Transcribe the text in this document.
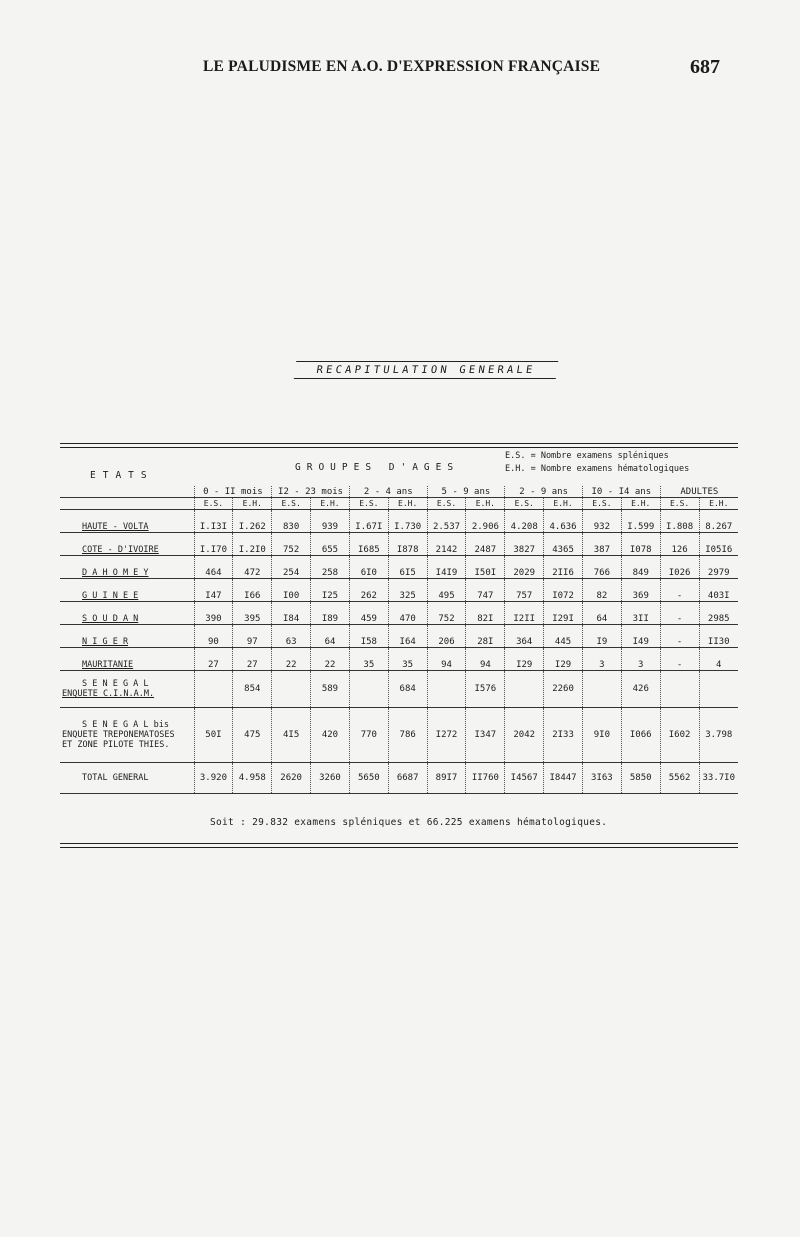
LE PALUDISME EN A.O. D'EXPRESSION FRANÇAISE	687
RECAPITULATION GENERALE
E.S. = Nombre examens spléniques
E.H. = Nombre examens hématologiques
ETATS
GROUPES D'AGES
	0 - II mois		I2 - 23 mois		2 - 4 ans		5 - 9 ans		2 - 9 ans		I0 - I4 ans		ADULTES	
	E.S.	E.H.	E.S.	E.H.	E.S.	E.H.	E.S.	E.H.	E.S.	E.H.	E.S.	E.H.	E.S.	E.H.
HAUTE - VOLTA	I.I3I	I.262	830	939	I.67I	I.730	2.537	2.906	4.208	4.636	932	I.599	I.808	8.267
COTE - D'IVOIRE	I.I70	I.2I0	752	655	I685	I878	2142	2487	3827	4365	387	I078	126	I05I6
D A H O M E Y	464	472	254	258	6I0	6I5	I4I9	I50I	2029	2II6	766	849	I026	2979
G U I N E E	I47	I66	I00	I25	262	325	495	747	757	I072	82	369	-	403I
S O U D A N	390	395	I84	I89	459	470	752	82I	I2II	I29I	64	3II	-	2985
N I G E R	90	97	63	64	I58	I64	206	28I	364	445	I9	I49	-	II30
MAURITANIE	27	27	22	22	35	35	94	94	I29	I29	3	3	-	4

S E N E G A L
ENQUETE C.I.N.A.M.		854		589		684		I576		2260		426		

S E N E G A L bis
ENQUETE TREPONEMATOSES
ET ZONE PILOTE THIES.	50I	475	4I5	420	770	786	I272	I347	2042	2I33	9I0	I066	I602	3.798
TOTAL GENERAL	3.920	4.958	2620	3260	5650	6687	89I7	II760	I4567	I8447	3I63	5850	5562	33.7I0
Soit : 29.832 examens spléniques et 66.225 examens hématologiques.
